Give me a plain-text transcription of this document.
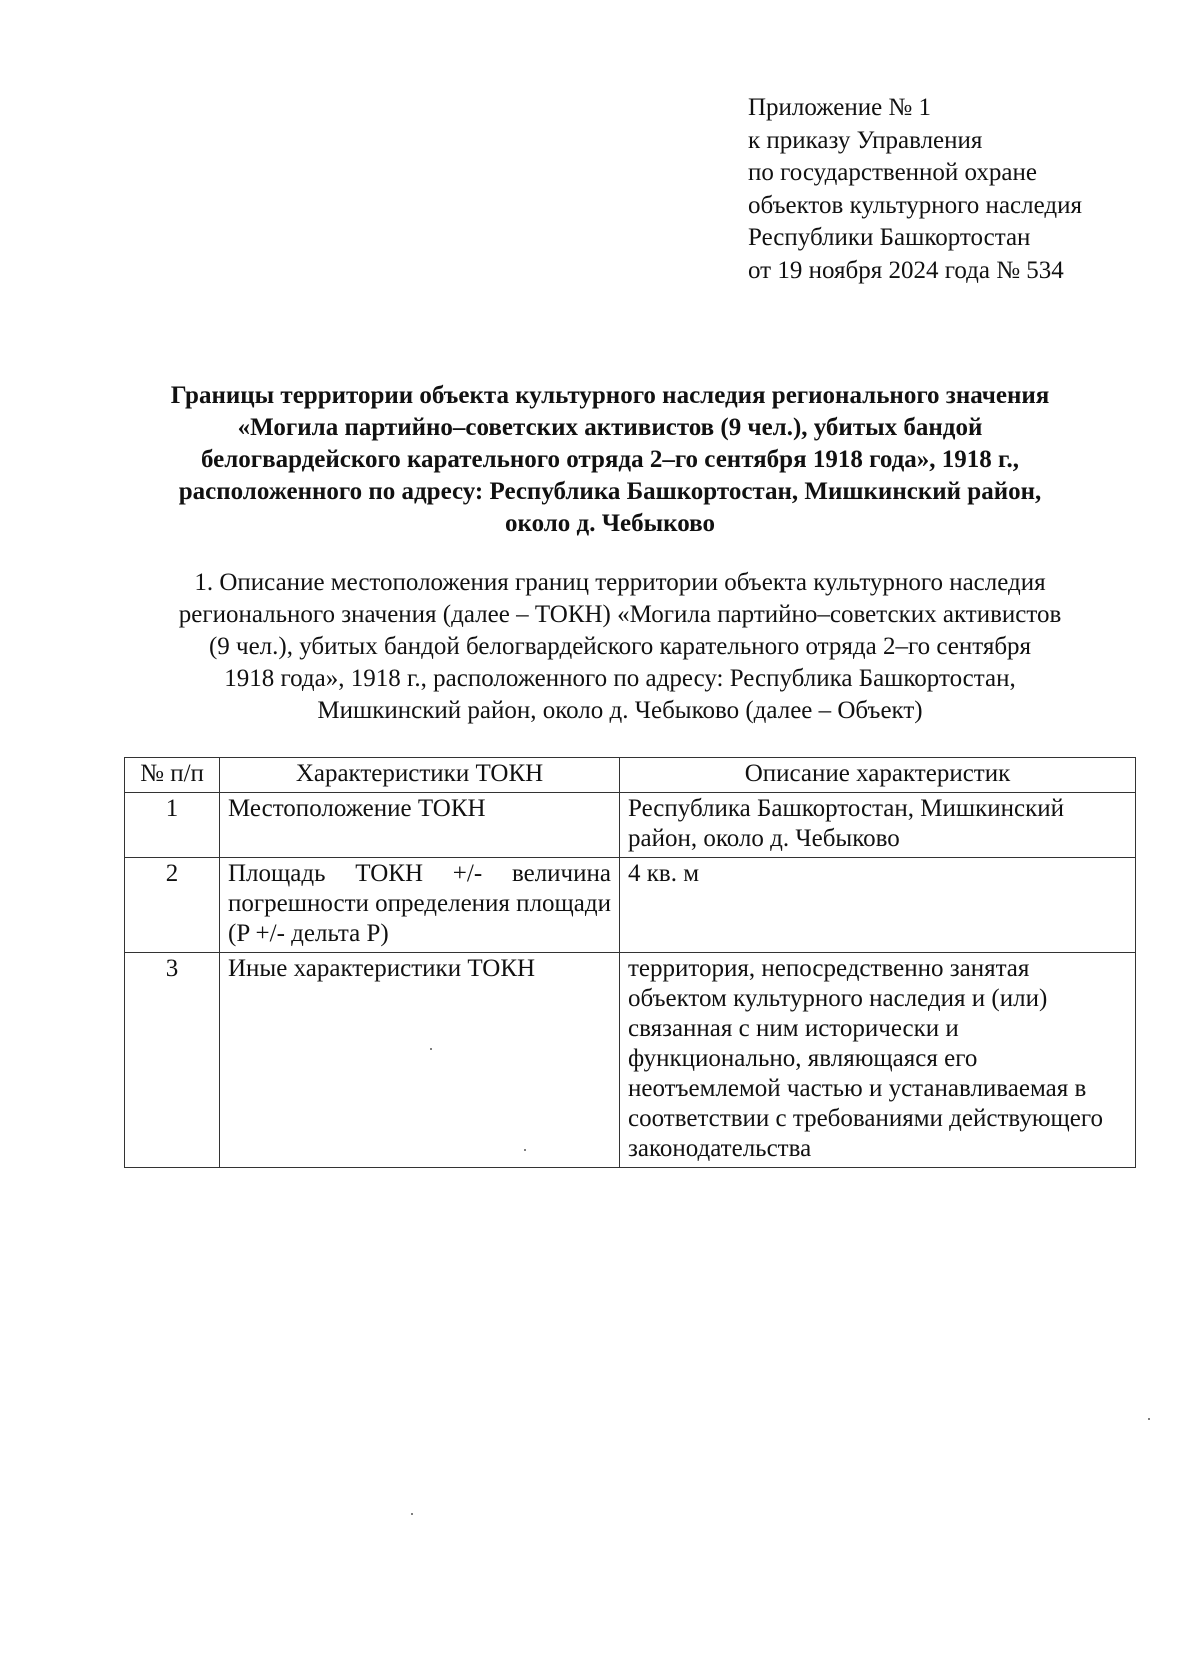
Приложение № 1
к приказу Управления
по государственной охране
объектов культурного наследия
Республики Башкортостан
от 19 ноября 2024 года № 534
Границы территории объекта культурного наследия регионального значения
«Могила партийно–советских активистов (9 чел.), убитых бандой
белогвардейского карательного отряда 2–го сентября 1918 года», 1918 г.,
расположенного по адресу: Республика Башкортостан, Мишкинский район,
около д. Чебыково
1. Описание местоположения границ территории объекта культурного наследия
регионального значения (далее – ТОКН) «Могила партийно–советских активистов
(9 чел.), убитых бандой белогвардейского карательного отряда 2–го сентября
1918 года», 1918 г., расположенного по адресу: Республика Башкортостан,
Мишкинский район, около д. Чебыково (далее – Объект)
№ п/п	Характеристики ТОКН	Описание характеристик
1	Местоположение ТОКН	Республика Башкортостан, Мишкинский район, около д. Чебыково
2	Площадь ТОКН +/- величина погрешности определения площади (P +/- дельта P)	4 кв. м
3	Иные характеристики ТОКН	территория, непосредственно занятая объектом культурного наследия и (или) связанная с ним исторически и функционально, являющаяся его неотъемлемой частью и устанавливаемая в соответствии с требованиями действующего законодательства
